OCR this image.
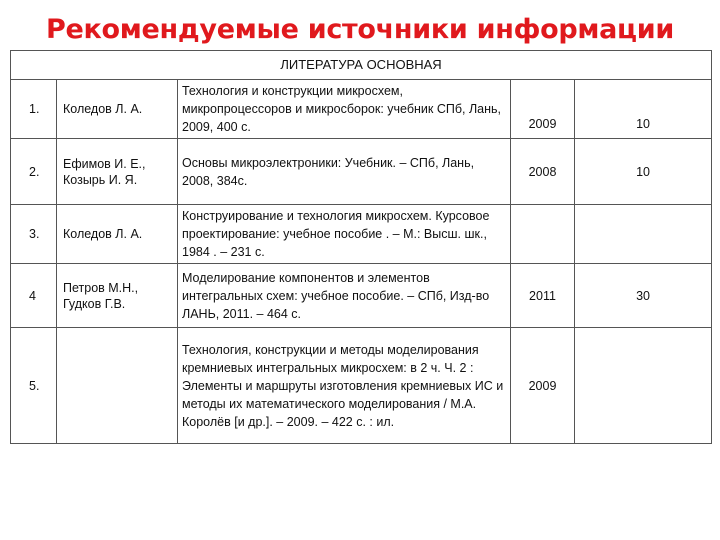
Рекомендуемые источники информации
ЛИТЕРАТУРА ОСНОВНАЯ				
1.	Коледов Л. А.	Технология и конструкции микросхем, микропроцессоров и микросборок: учебник СПб, Лань, 2009, 400 с.	2009	10
2.	Ефимов И. Е., Козырь И. Я.	Основы микроэлектроники: Учебник. – СПб, Лань, 2008, 384с.	2008	10
3.	Коледов Л. А.	Конструирование и технология микросхем. Курсовое проектирование: учебное пособие . – М.: Высш. шк., 1984 . – 231 с.		
4	Петров М.Н., Гудков Г.В.	Моделирование компонентов и элементов интегральных схем: учебное пособие. – СПб, Изд-во ЛАНЬ, 2011. – 464 с.	2011	30
5.		Технология, конструкции и методы моделирования кремниевых интегральных микросхем: в 2 ч. Ч. 2 : Элементы и маршруты изготовления кремниевых ИС и методы их математического моделирования / М.А. Королёв [и др.]. – 2009. – 422 с. : ил.	2009	
